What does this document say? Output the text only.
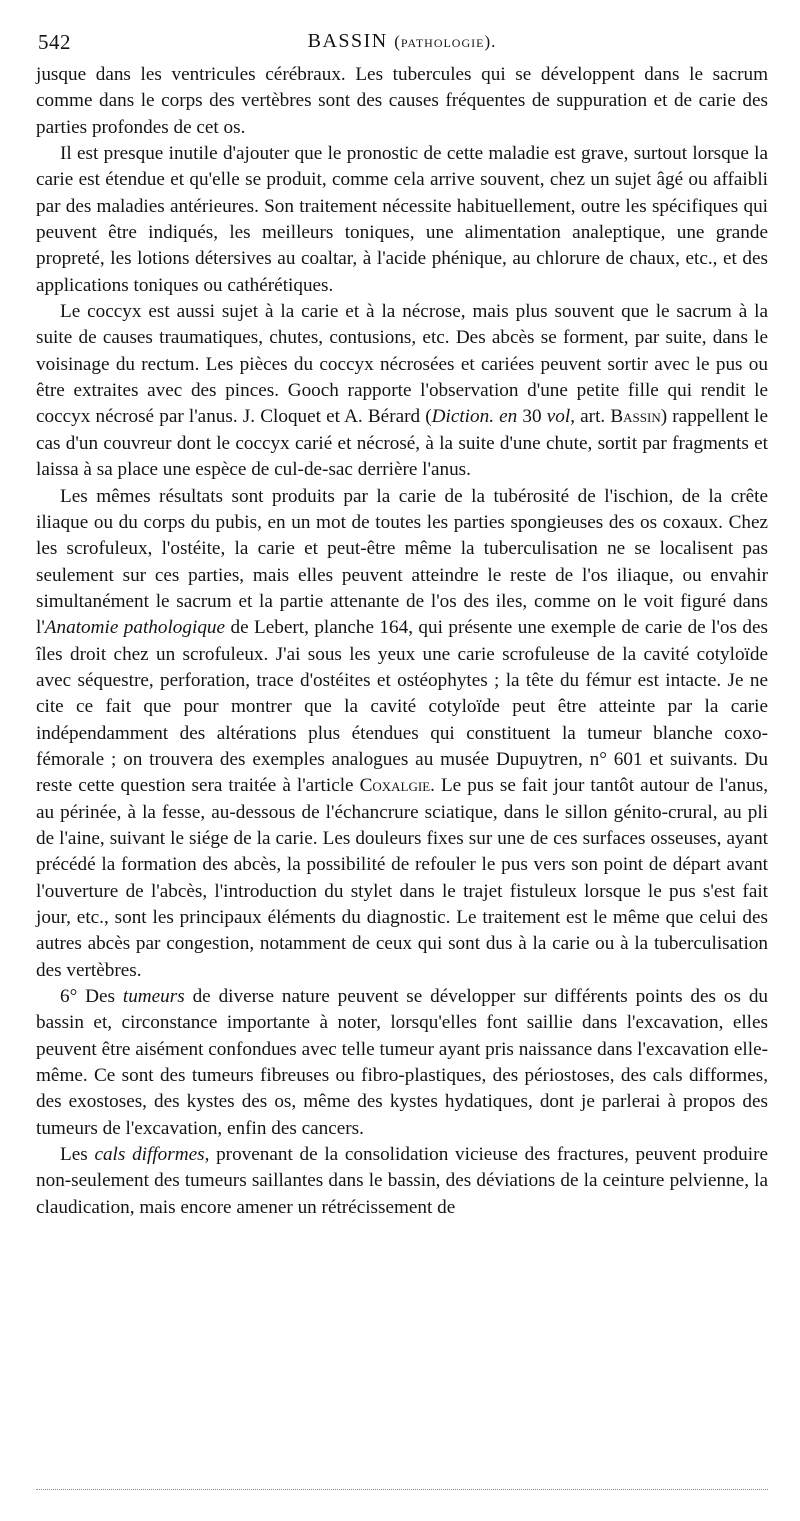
542	BASSIN (pathologie).

jusque dans les ventricules cérébraux. Les tubercules qui se développent dans le sacrum comme dans le corps des vertèbres sont des causes fréquentes de suppuration et de carie des parties profondes de cet os.

Il est presque inutile d'ajouter que le pronostic de cette maladie est grave, surtout lorsque la carie est étendue et qu'elle se produit, comme cela arrive souvent, chez un sujet âgé ou affaibli par des maladies antérieures. Son traitement nécessite habituellement, outre les spécifiques qui peuvent être indiqués, les meilleurs toniques, une alimentation analeptique, une grande propreté, les lotions détersives au coaltar, à l'acide phénique, au chlorure de chaux, etc., et des applications toniques ou cathérétiques.

Le coccyx est aussi sujet à la carie et à la nécrose, mais plus souvent que le sacrum à la suite de causes traumatiques, chutes, contusions, etc. Des abcès se forment, par suite, dans le voisinage du rectum. Les pièces du coccyx nécrosées et cariées peuvent sortir avec le pus ou être extraites avec des pinces. Gooch rapporte l'observation d'une petite fille qui rendit le coccyx nécrosé par l'anus. J. Cloquet et A. Bérard (Diction. en 30 vol, art. Bassin) rappellent le cas d'un couvreur dont le coccyx carié et nécrosé, à la suite d'une chute, sortit par fragments et laissa à sa place une espèce de cul-de-sac derrière l'anus.

Les mêmes résultats sont produits par la carie de la tubérosité de l'ischion, de la crête iliaque ou du corps du pubis, en un mot de toutes les parties spongieuses des os coxaux. Chez les scrofuleux, l'ostéite, la carie et peut-être même la tuberculisation ne se localisent pas seulement sur ces parties, mais elles peuvent atteindre le reste de l'os iliaque, ou envahir simultanément le sacrum et la partie attenante de l'os des iles, comme on le voit figuré dans l'Anatomie pathologique de Lebert, planche 164, qui présente une exemple de carie de l'os des îles droit chez un scrofuleux. J'ai sous les yeux une carie scrofuleuse de la cavité cotyloïde avec séquestre, perforation, trace d'ostéites et ostéophytes ; la tête du fémur est intacte. Je ne cite ce fait que pour montrer que la cavité cotyloïde peut être atteinte par la carie indépendamment des altérations plus étendues qui constituent la tumeur blanche coxo-fémorale ; on trouvera des exemples analogues au musée Dupuytren, n° 601 et suivants. Du reste cette question sera traitée à l'article Coxalgie. Le pus se fait jour tantôt autour de l'anus, au périnée, à la fesse, au-dessous de l'échancrure sciatique, dans le sillon génito-crural, au pli de l'aine, suivant le siége de la carie. Les douleurs fixes sur une de ces surfaces osseuses, ayant précédé la formation des abcès, la possibilité de refouler le pus vers son point de départ avant l'ouverture de l'abcès, l'introduction du stylet dans le trajet fistuleux lorsque le pus s'est fait jour, etc., sont les principaux éléments du diagnostic. Le traitement est le même que celui des autres abcès par congestion, notamment de ceux qui sont dus à la carie ou à la tuberculisation des vertèbres.

6° Des tumeurs de diverse nature peuvent se développer sur différents points des os du bassin et, circonstance importante à noter, lorsqu'elles font saillie dans l'excavation, elles peuvent être aisément confondues avec telle tumeur ayant pris naissance dans l'excavation elle-même. Ce sont des tumeurs fibreuses ou fibro-plastiques, des périostoses, des cals difformes, des exostoses, des kystes des os, même des kystes hydatiques, dont je parlerai à propos des tumeurs de l'excavation, enfin des cancers.

Les cals difformes, provenant de la consolidation vicieuse des fractures, peuvent produire non-seulement des tumeurs saillantes dans le bassin, des déviations de la ceinture pelvienne, la claudication, mais encore amener un rétrécissement de
